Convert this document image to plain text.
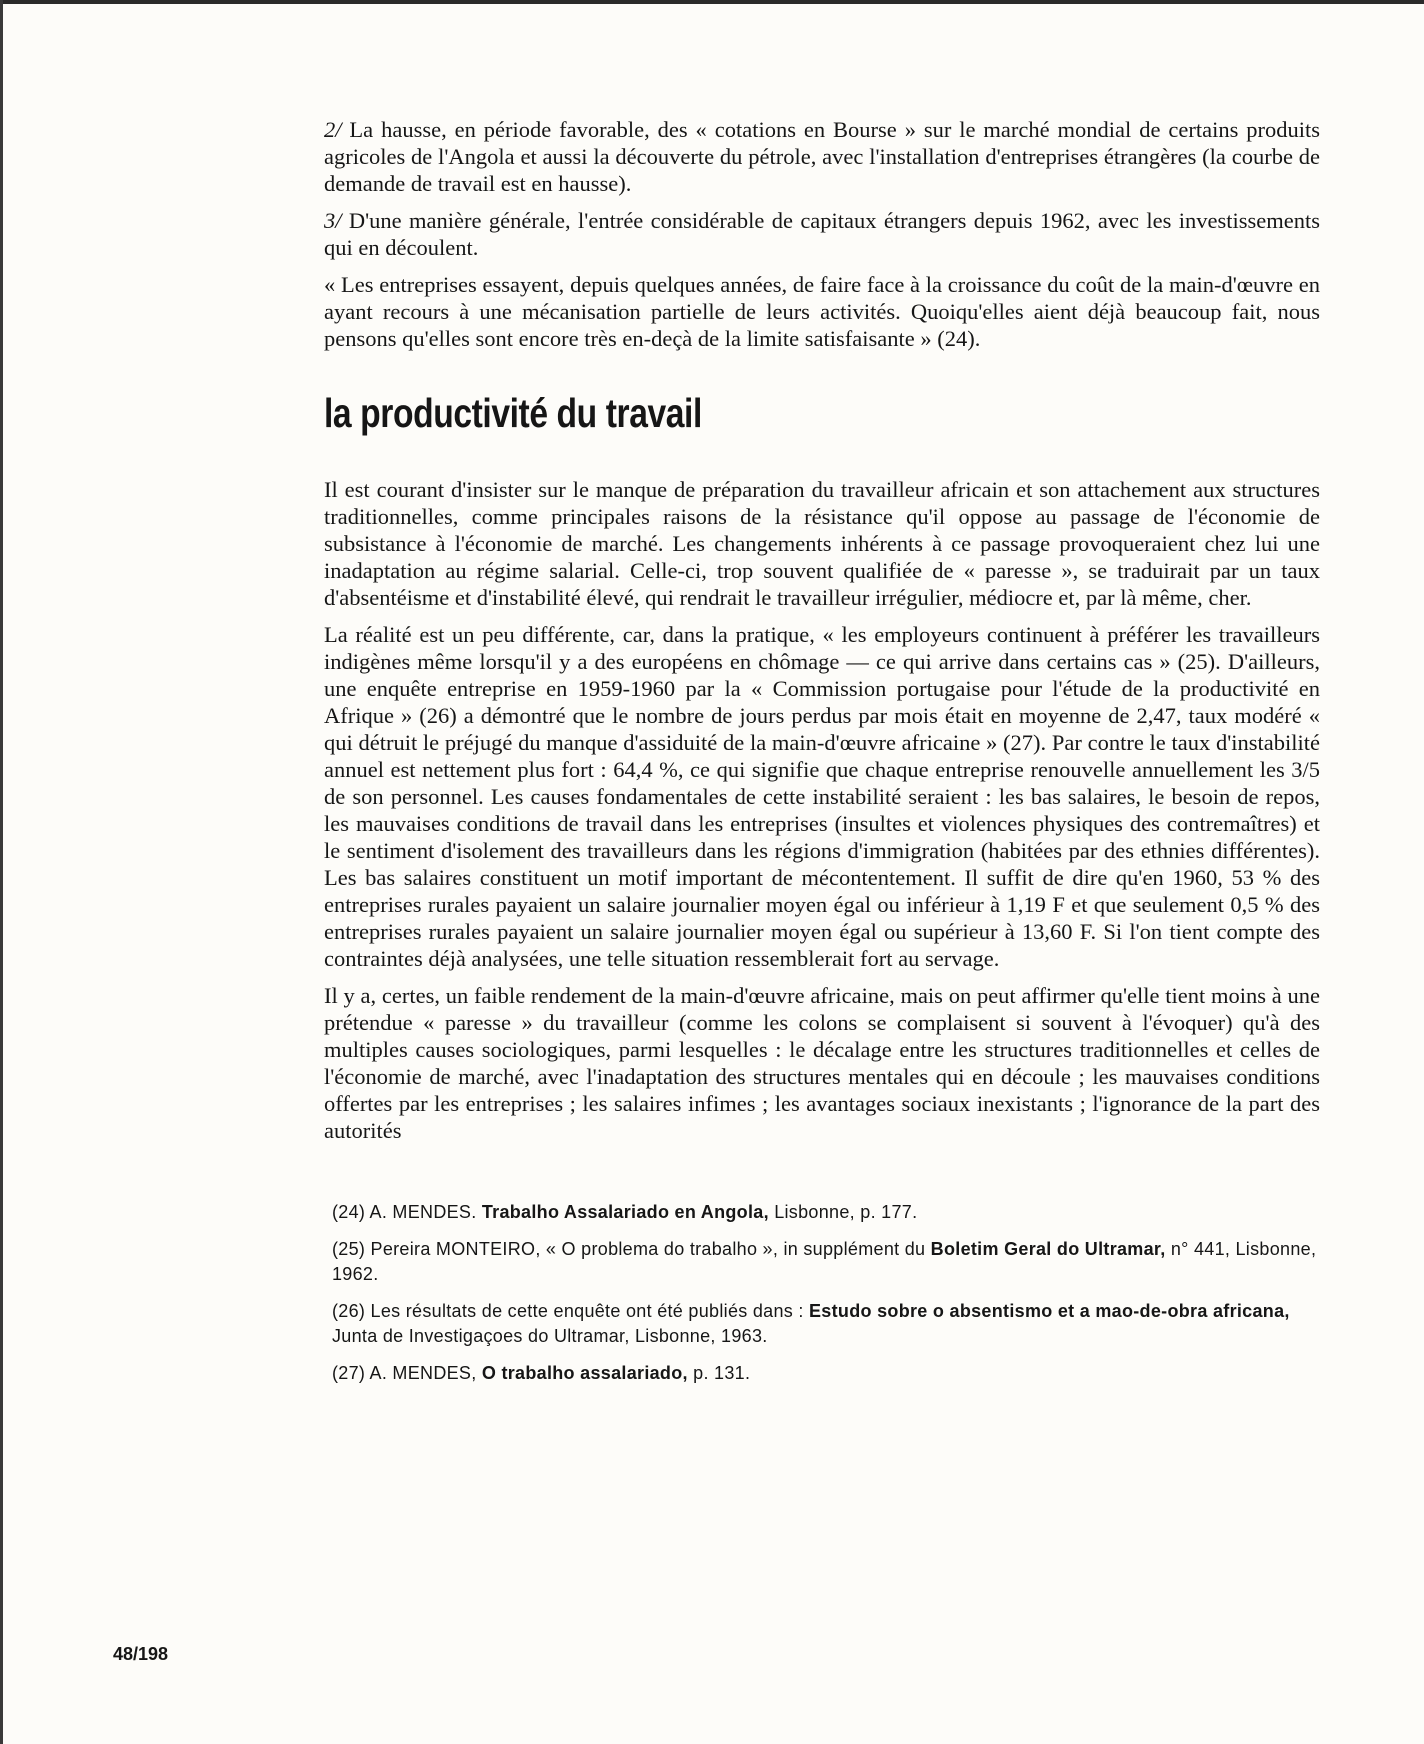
2/ La hausse, en période favorable, des « cotations en Bourse » sur le marché mondial de certains produits agricoles de l'Angola et aussi la découverte du pétrole, avec l'installation d'entreprises étrangères (la courbe de demande de travail est en hausse).

3/ D'une manière générale, l'entrée considérable de capitaux étrangers depuis 1962, avec les investissements qui en découlent.

« Les entreprises essayent, depuis quelques années, de faire face à la croissance du coût de la main-d'œuvre en ayant recours à une mécanisation partielle de leurs activités. Quoiqu'elles aient déjà beaucoup fait, nous pensons qu'elles sont encore très en-deçà de la limite satisfaisante » (24).

la productivité du travail

Il est courant d'insister sur le manque de préparation du travailleur africain et son attachement aux structures traditionnelles, comme principales raisons de la résistance qu'il oppose au passage de l'économie de subsistance à l'économie de marché. Les changements inhérents à ce passage provoqueraient chez lui une inadaptation au régime salarial. Celle-ci, trop souvent qualifiée de « paresse », se traduirait par un taux d'absentéisme et d'instabilité élevé, qui rendrait le travailleur irrégulier, médiocre et, par là même, cher.

La réalité est un peu différente, car, dans la pratique, « les employeurs continuent à préférer les travailleurs indigènes même lorsqu'il y a des européens en chômage — ce qui arrive dans certains cas » (25). D'ailleurs, une enquête entreprise en 1959-1960 par la « Commission portugaise pour l'étude de la productivité en Afrique » (26) a démontré que le nombre de jours perdus par mois était en moyenne de 2,47, taux modéré « qui détruit le préjugé du manque d'assiduité de la main-d'œuvre africaine » (27). Par contre le taux d'instabilité annuel est nettement plus fort : 64,4 %, ce qui signifie que chaque entreprise renouvelle annuellement les 3/5 de son personnel. Les causes fondamentales de cette instabilité seraient : les bas salaires, le besoin de repos, les mauvaises conditions de travail dans les entreprises (insultes et violences physiques des contremaîtres) et le sentiment d'isolement des travailleurs dans les régions d'immigration (habitées par des ethnies différentes). Les bas salaires constituent un motif important de mécontentement. Il suffit de dire qu'en 1960, 53 % des entreprises rurales payaient un salaire journalier moyen égal ou inférieur à 1,19 F et que seulement 0,5 % des entreprises rurales payaient un salaire journalier moyen égal ou supérieur à 13,60 F. Si l'on tient compte des contraintes déjà analysées, une telle situation ressemblerait fort au servage.

Il y a, certes, un faible rendement de la main-d'œuvre africaine, mais on peut affirmer qu'elle tient moins à une prétendue « paresse » du travailleur (comme les colons se complaisent si souvent à l'évoquer) qu'à des multiples causes sociologiques, parmi lesquelles : le décalage entre les structures traditionnelles et celles de l'économie de marché, avec l'inadaptation des structures mentales qui en découle ; les mauvaises conditions offertes par les entreprises ; les salaires infimes ; les avantages sociaux inexistants ; l'ignorance de la part des autorités

(24) A. MENDES. Trabalho Assalariado en Angola, Lisbonne, p. 177.

(25) Pereira MONTEIRO, « O problema do trabalho », in supplément du Boletim Geral do Ultramar, n° 441, Lisbonne, 1962.

(26) Les résultats de cette enquête ont été publiés dans : Estudo sobre o absentismo et a mao-de-obra africana, Junta de Investigaçoes do Ultramar, Lisbonne, 1963.

(27) A. MENDES, O trabalho assalariado, p. 131.

48/198
